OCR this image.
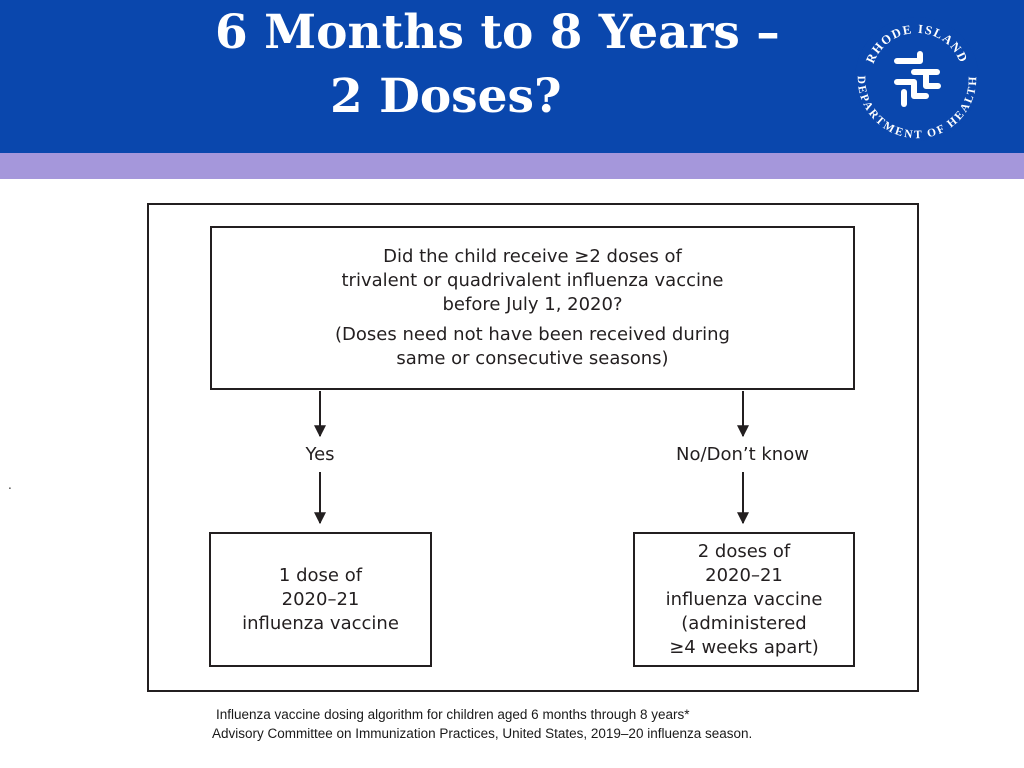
6 Months to 8 Years –
2 Doses?
RHODE ISLAND
DEPARTMENT OF HEALTH
.

Did the child receive ≥2 doses of

trivalent or quadrivalent influenza vaccine

before July 1, 2020?

(Doses need not have been received during

same or consecutive seasons)

Yes	No/Don’t know

1 dose of

2020–21

influenza vaccine

2 doses of

2020–21

influenza vaccine

(administered

≥4 weeks apart)

Influenza vaccine dosing algorithm for children aged 6 months through 8 years*
Advisory Committee on Immunization Practices, United States, 2019–20 influenza season.
